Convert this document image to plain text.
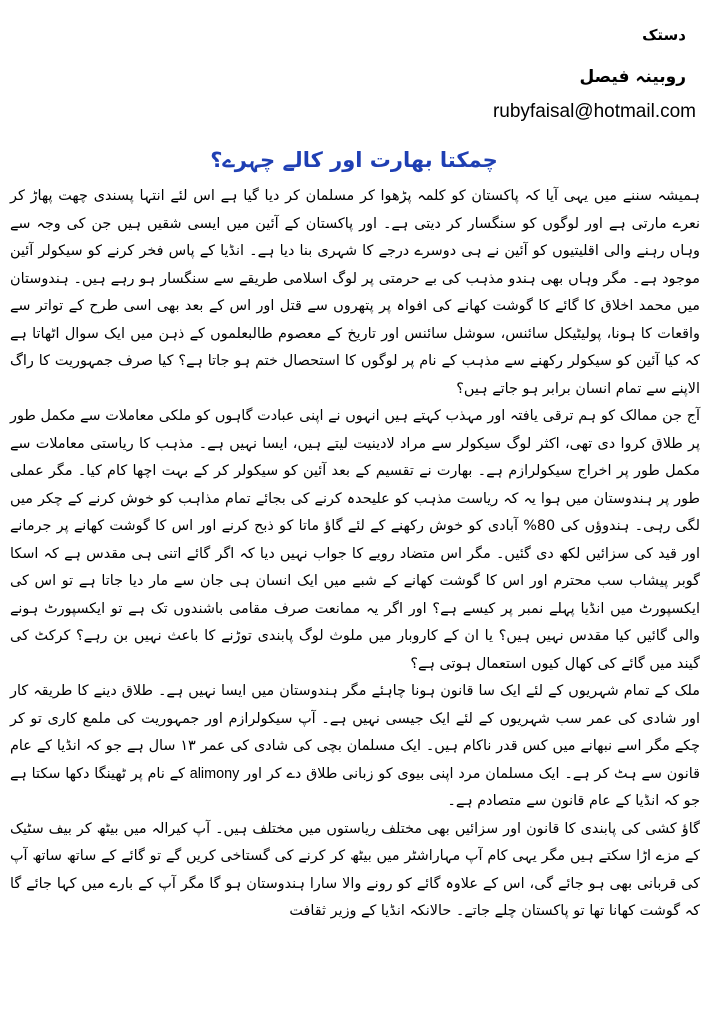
دستک
روبینہ فیصل
rubyfaisal@hotmail.com
چمکتا بھارت اور کالے چہرے؟

ہمیشہ سننے میں یہی آیا کہ پاکستان کو کلمہ پڑھوا کر مسلمان کر دیا گیا ہے اس لئے انتہا پسندی چھت پھاڑ کر نعرے مارتی ہے اور لوگوں کو سنگسار کر دیتی ہے۔ اور پاکستان کے آئین میں ایسی شقیں ہیں جن کی وجہ سے وہاں رہنے والی اقلیتیوں کو آئین نے ہی دوسرے درجے کا شہری بنا دیا ہے۔ انڈیا کے پاس فخر کرنے کو سیکولر آئین موجود ہے۔ مگر وہاں بھی ہندو مذہب کی بے حرمتی پر لوگ اسلامی طریقے سے سنگسار ہو رہے ہیں۔ ہندوستان میں محمد اخلاق کا گائے کا گوشت کھانے کی افواہ پر پتھروں سے قتل اور اس کے بعد بھی اسی طرح کے تواتر سے واقعات کا ہونا، پولیٹیکل سائنس، سوشل سائنس اور تاریخ کے معصوم طالبعلموں کے ذہن میں ایک سوال اٹھاتا ہے کہ کیا آئین کو سیکولر رکھنے سے مذہب کے نام پر لوگوں کا استحصال ختم ہو جاتا ہے؟ کیا صرف جمہوریت کا راگ الاپنے سے تمام انسان برابر ہو جاتے ہیں؟

آج جن ممالک کو ہم ترقی یافتہ اور مہذب کہتے ہیں انہوں نے اپنی عبادت گاہوں کو ملکی معاملات سے مکمل طور پر طلاق کروا دی تھی، اکثر لوگ سیکولر سے مراد لادینیت لیتے ہیں، ایسا نہیں ہے۔ مذہب کا ریاستی معاملات سے مکمل طور پر اخراج سیکولرازم ہے۔ بھارت نے تقسیم کے بعد آئین کو سیکولر کر کے بہت اچھا کام کیا۔ مگر عملی طور پر ہندوستان میں ہوا یہ کہ ریاست مذہب کو علیحدہ کرنے کی بجائے تمام مذاہب کو خوش کرنے کے چکر میں لگی رہی۔ ہندوؤں کی 80% آبادی کو خوش رکھنے کے لئے گاؤ ماتا کو ذبح کرنے اور اس کا گوشت کھانے پر جرمانے اور قید کی سزائیں لکھ دی گئیں۔ مگر اس متضاد رویے کا جواب نہیں دیا کہ اگر گائے اتنی ہی مقدس ہے کہ اسکا گوبر پیشاب سب محترم اور اس کا گوشت کھانے کے شبے میں ایک انسان ہی جان سے مار دیا جاتا ہے تو اس کی ایکسپورٹ میں انڈیا پہلے نمبر پر کیسے ہے؟ اور اگر یہ ممانعت صرف مقامی باشندوں تک ہے تو ایکسپورٹ ہونے والی گائیں کیا مقدس نہیں ہیں؟ یا ان کے کاروبار میں ملوث لوگ پابندی توڑنے کا باعث نہیں بن رہے؟ کرکٹ کی گیند میں گائے کی کھال کیوں استعمال ہوتی ہے؟

ملک کے تمام شہریوں کے لئے ایک سا قانون ہونا چاہئے مگر ہندوستان میں ایسا نہیں ہے۔ طلاق دینے کا طریقہ کار اور شادی کی عمر سب شہریوں کے لئے ایک جیسی نہیں ہے۔ آپ سیکولرازم اور جمہوریت کی ملمع کاری تو کر چکے مگر اسے نبھانے میں کس قدر ناکام ہیں۔ ایک مسلمان بچی کی شادی کی عمر ۱۳ سال ہے جو کہ انڈیا کے عام قانون سے ہٹ کر ہے۔ ایک مسلمان مرد اپنی بیوی کو زبانی طلاق دے کر اور alimony کے نام پر ٹھینگا دکھا سکتا ہے جو کہ انڈیا کے عام قانون سے متصادم ہے۔

گاؤ کشی کی پابندی کا قانون اور سزائیں بھی مختلف ریاستوں میں مختلف ہیں۔ آپ کیرالہ میں بیٹھ کر بیف سٹیک کے مزے اڑا سکتے ہیں مگر یہی کام آپ مہاراشٹر میں بیٹھ کر کرنے کی گستاخی کریں گے تو گائے کے ساتھ ساتھ آپ کی قربانی بھی ہو جائے گی، اس کے علاوہ گائے کو رونے والا سارا ہندوستان ہو گا مگر آپ کے بارے میں کہا جائے گا کہ گوشت کھانا تھا تو پاکستان چلے جاتے۔ حالانکہ انڈیا کے وزیر ثقافت
